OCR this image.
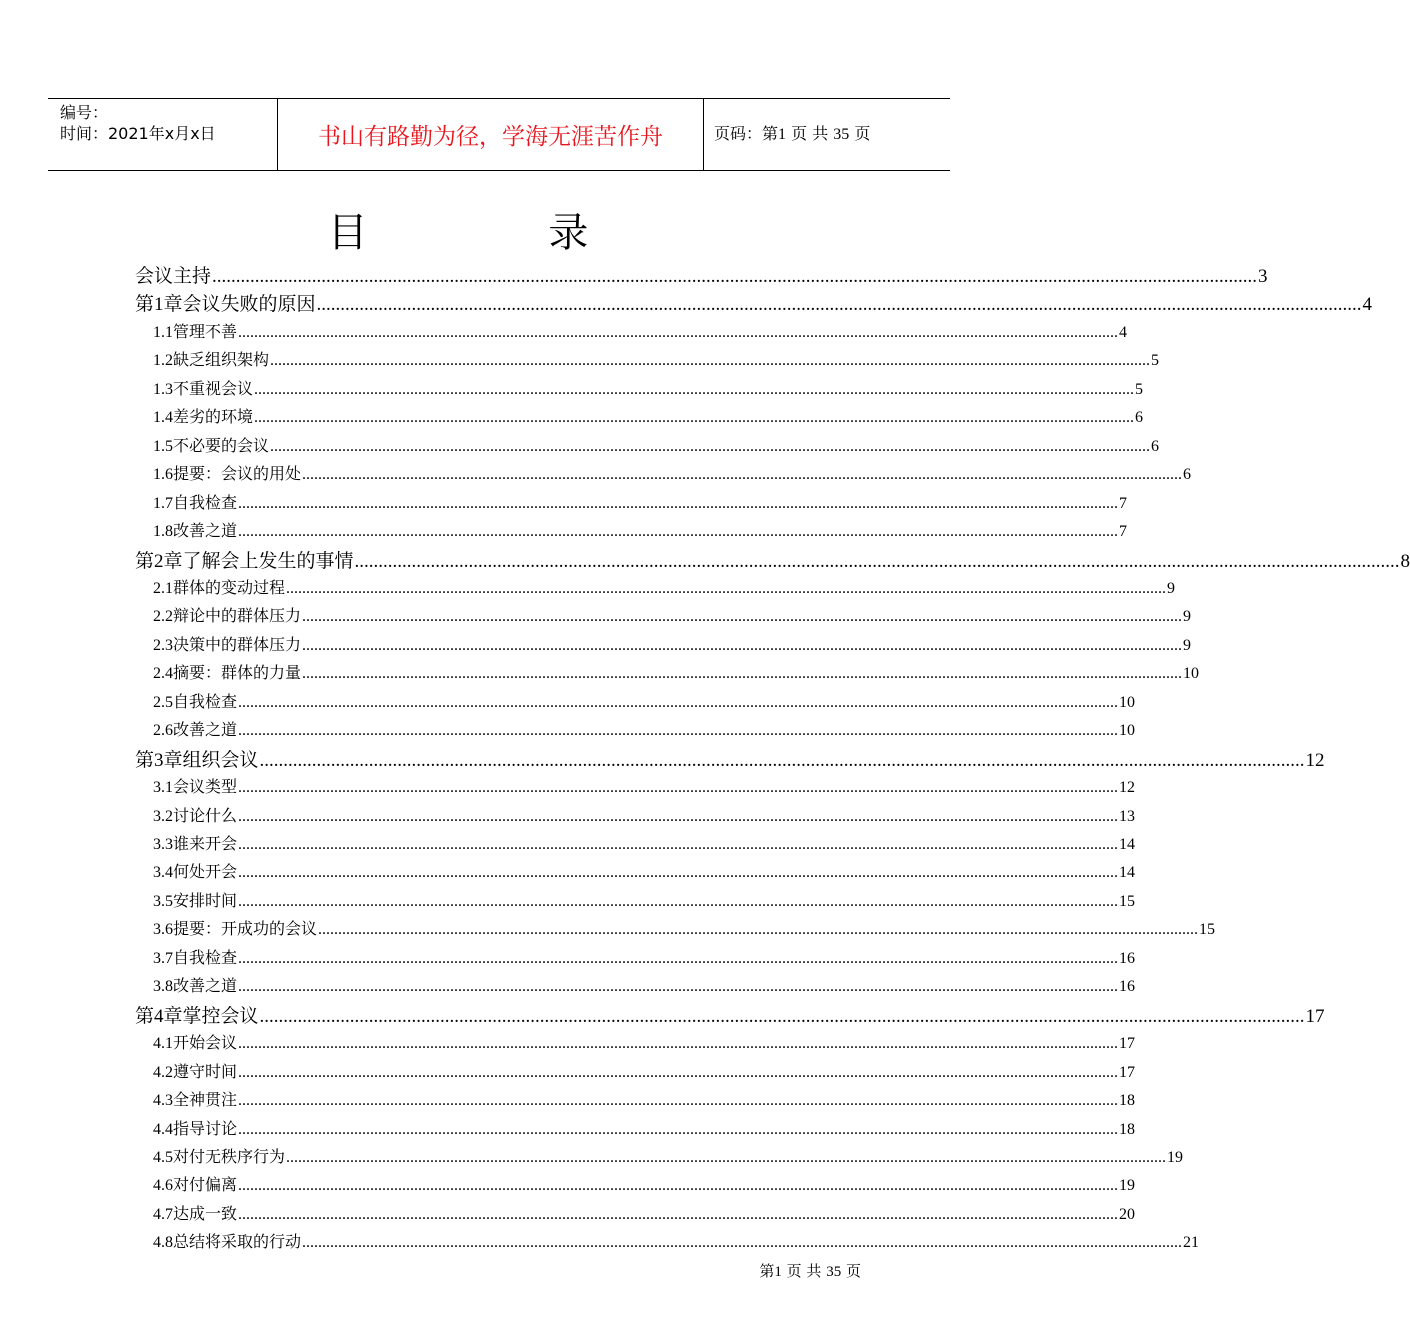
编号：
时间：2021年x月x日	书山有路勤为径，学海无涯苦作舟	页码：第1 页 共 35 页
目 录
会议主持 ............................................................................................................................................................................................................................ 3
第1章 会议失败的原因 ............................................................................................................................................................................................................................ 4
1.1 管理不善 ............................................................................................................................................................................................................................ 4
1.2 缺乏组织架构 ............................................................................................................................................................................................................................ 5
1.3 不重视会议 ............................................................................................................................................................................................................................ 5
1.4 差劣的环境 ............................................................................................................................................................................................................................ 6
1.5 不必要的会议 ............................................................................................................................................................................................................................ 6
1.6 提要：会议的用处 ............................................................................................................................................................................................................................ 6
1.7 自我检查 ............................................................................................................................................................................................................................ 7
1.8 改善之道 ............................................................................................................................................................................................................................ 7
第2章 了解会上发生的事情 ............................................................................................................................................................................................................................ 8
2.1 群体的变动过程 ............................................................................................................................................................................................................................ 9
2.2 辩论中的群体压力 ............................................................................................................................................................................................................................ 9
2.3 决策中的群体压力 ............................................................................................................................................................................................................................ 9
2.4 摘要：群体的力量 ............................................................................................................................................................................................................................ 10
2.5 自我检查 ............................................................................................................................................................................................................................ 10
2.6 改善之道 ............................................................................................................................................................................................................................ 10
第3章 组织会议 ............................................................................................................................................................................................................................ 12
3.1 会议类型 ............................................................................................................................................................................................................................ 12
3.2 讨论什么 ............................................................................................................................................................................................................................ 13
3.3 谁来开会 ............................................................................................................................................................................................................................ 14
3.4 何处开会 ............................................................................................................................................................................................................................ 14
3.5 安排时间 ............................................................................................................................................................................................................................ 15
3.6 提要：开成功的会议 ............................................................................................................................................................................................................................ 15
3.7 自我检查 ............................................................................................................................................................................................................................ 16
3.8 改善之道 ............................................................................................................................................................................................................................ 16
第4章 掌控会议 ............................................................................................................................................................................................................................ 17
4.1 开始会议 ............................................................................................................................................................................................................................ 17
4.2 遵守时间 ............................................................................................................................................................................................................................ 17
4.3 全神贯注 ............................................................................................................................................................................................................................ 18
4.4 指导讨论 ............................................................................................................................................................................................................................ 18
4.5 对付无秩序行为 ............................................................................................................................................................................................................................ 19
4.6 对付偏离 ............................................................................................................................................................................................................................ 19
4.7 达成一致 ............................................................................................................................................................................................................................ 20
4.8 总结将采取的行动 ............................................................................................................................................................................................................................ 21
第1 页 共 35 页
